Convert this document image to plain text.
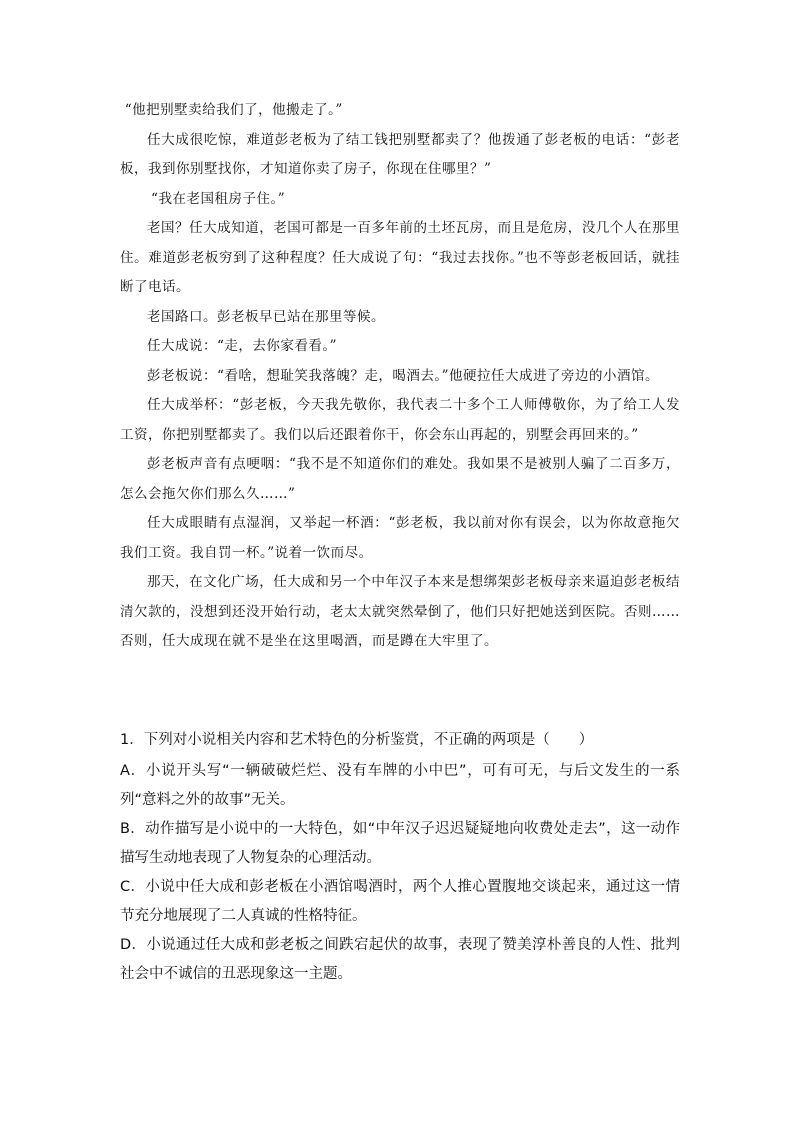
“他把别墅卖给我们了，他搬走了。”

任大成很吃惊，难道彭老板为了结工钱把别墅都卖了？他拨通了彭老板的电话：“彭老板，我到你别墅找你，才知道你卖了房子，你现在住哪里？”

“我在老国租房子住。”

老国？任大成知道，老国可都是一百多年前的土坯瓦房，而且是危房，没几个人在那里住。难道彭老板穷到了这种程度？任大成说了句：“我过去找你。”也不等彭老板回话，就挂断了电话。

老国路口。彭老板早已站在那里等候。

任大成说：“走，去你家看看。”

彭老板说：“看啥，想耻笑我落魄？走，喝酒去。”他硬拉任大成进了旁边的小酒馆。

任大成举杯：“彭老板，今天我先敬你，我代表二十多个工人师傅敬你，为了给工人发工资，你把别墅都卖了。我们以后还跟着你干，你会东山再起的，别墅会再回来的。”

彭老板声音有点哽咽：“我不是不知道你们的难处。我如果不是被别人骗了二百多万，怎么会拖欠你们那么久……”

任大成眼睛有点湿润，又举起一杯酒：“彭老板，我以前对你有误会，以为你故意拖欠我们工资。我自罚一杯。”说着一饮而尽。

那天，在文化广场，任大成和另一个中年汉子本来是想绑架彭老板母亲来逼迫彭老板结清欠款的，没想到还没开始行动，老太太就突然晕倒了，他们只好把她送到医院。否则……否则，任大成现在就不是坐在这里喝酒，而是蹲在大牢里了。

1．下列对小说相关内容和艺术特色的分析鉴赏，不正确的两项是（　　）

A．小说开头写“一辆破破烂烂、没有车牌的小中巴”，可有可无，与后文发生的一系列“意料之外的故事”无关。

B．动作描写是小说中的一大特色，如“中年汉子迟迟疑疑地向收费处走去”，这一动作描写生动地表现了人物复杂的心理活动。

C．小说中任大成和彭老板在小酒馆喝酒时，两个人推心置腹地交谈起来，通过这一情节充分地展现了二人真诚的性格特征。

D．小说通过任大成和彭老板之间跌宕起伏的故事，表现了赞美淳朴善良的人性、批判社会中不诚信的丑恶现象这一主题。
